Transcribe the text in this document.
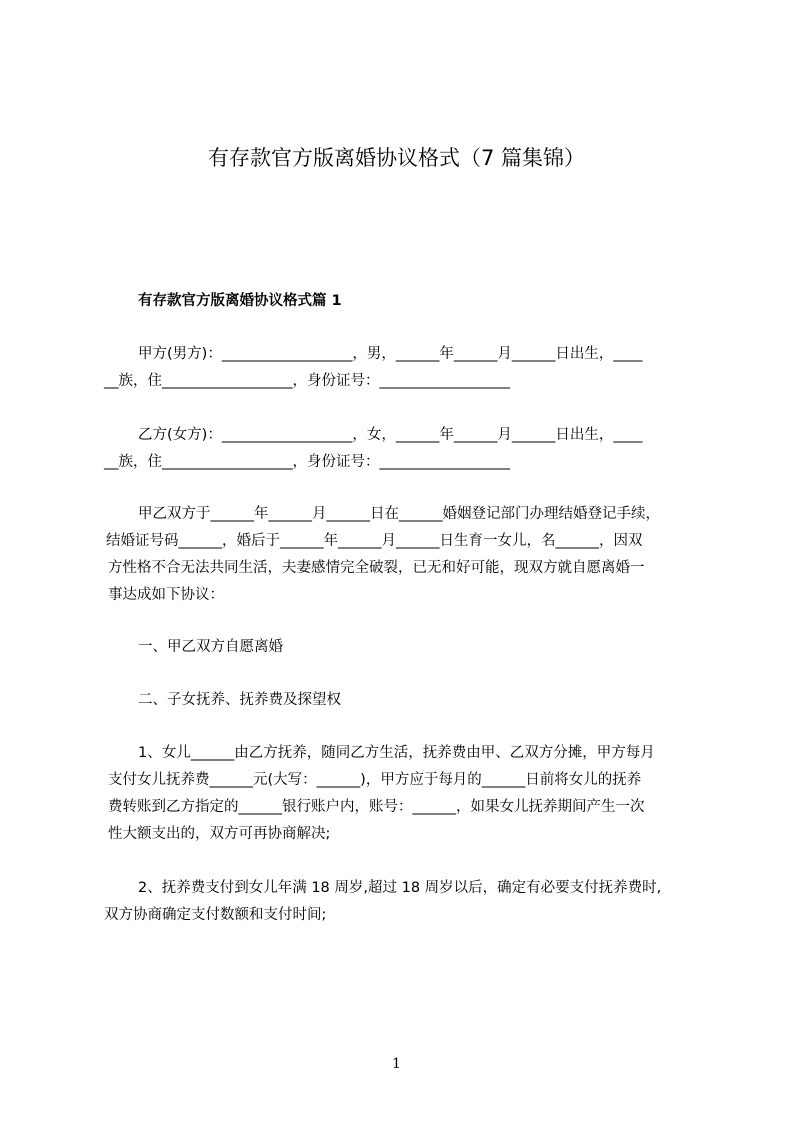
有存款官方版离婚协议格式（7 篇集锦）
有存款官方版离婚协议格式篇 1
甲方(男方)：__________________，男，______年______月______日出生，____
__族，住__________________，身份证号：__________________
乙方(女方)：__________________，女，______年______月______日出生，____
__族，住__________________，身份证号：__________________
甲乙双方于______年______月______日在______婚姻登记部门办理结婚登记手续，
结婚证号码______，婚后于______年______月______日生育一女儿，名______，因双
方性格不合无法共同生活，夫妻感情完全破裂，已无和好可能，现双方就自愿离婚一
事达成如下协议：
一、甲乙双方自愿离婚
二、子女抚养、抚养费及探望权
1、女儿______由乙方抚养，随同乙方生活，抚养费由甲、乙双方分摊，甲方每月
支付女儿抚养费______元(大写：______)，甲方应于每月的______日前将女儿的抚养
费转账到乙方指定的______银行账户内，账号：______，如果女儿抚养期间产生一次
性大额支出的，双方可再协商解决;
2、抚养费支付到女儿年满 18 周岁,超过 18 周岁以后，确定有必要支付抚养费时,
双方协商确定支付数额和支付时间;
1
